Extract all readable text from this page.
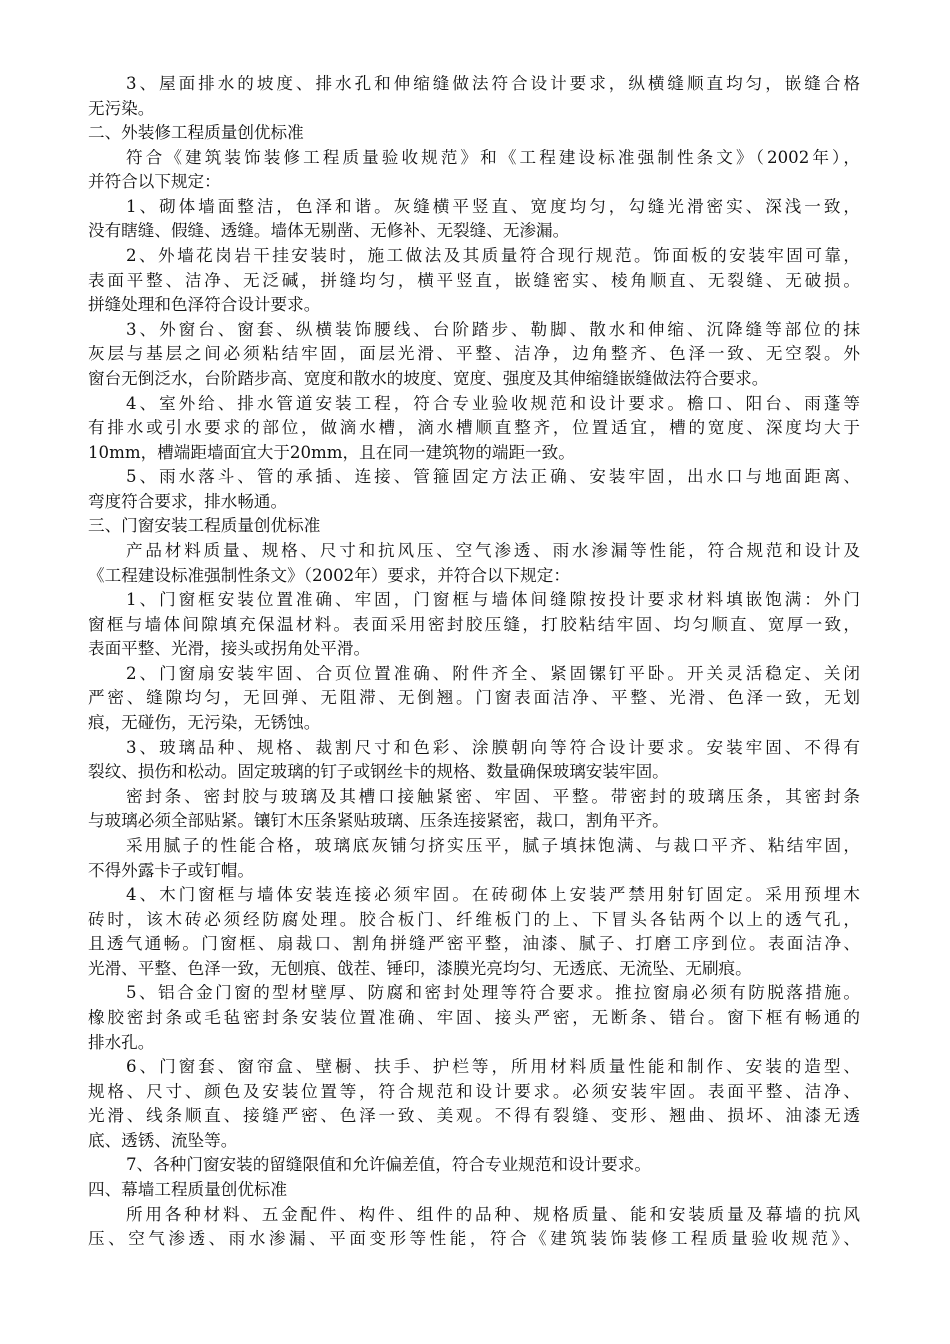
3、屋面排水的坡度、排水孔和伸缩缝做法符合设计要求，纵横缝顺直均匀，嵌缝合格
无污染。
二、外装修工程质量创优标准
符合《建筑装饰装修工程质量验收规范》和《工程建设标准强制性条文》（2002年），
并符合以下规定：
1、砌体墙面整洁，色泽和谐。灰缝横平竖直、宽度均匀，勾缝光滑密实、深浅一致，
没有瞎缝、假缝、透缝。墙体无剔凿、无修补、无裂缝、无渗漏。
2、外墙花岗岩干挂安装时，施工做法及其质量符合现行规范。饰面板的安装牢固可靠，
表面平整、洁净、无泛碱，拼缝均匀，横平竖直，嵌缝密实、棱角顺直、无裂缝、无破损。
拼缝处理和色泽符合设计要求。
3、外窗台、窗套、纵横装饰腰线、台阶踏步、勒脚、散水和伸缩、沉降缝等部位的抹
灰层与基层之间必须粘结牢固，面层光滑、平整、洁净，边角整齐、色泽一致、无空裂。外
窗台无倒泛水，台阶踏步高、宽度和散水的坡度、宽度、强度及其伸缩缝嵌缝做法符合要求。
4、室外给、排水管道安装工程，符合专业验收规范和设计要求。檐口、阳台、雨蓬等
有排水或引水要求的部位，做滴水槽，滴水槽顺直整齐，位置适宜，槽的宽度、深度均大于
10mm，槽端距墙面宜大于20mm，且在同一建筑物的端距一致。
5、雨水落斗、管的承插、连接、管箍固定方法正确、安装牢固，出水口与地面距离、
弯度符合要求，排水畅通。
三、门窗安装工程质量创优标准
产品材料质量、规格、尺寸和抗风压、空气渗透、雨水渗漏等性能，符合规范和设计及
《工程建设标准强制性条文》（2002年）要求，并符合以下规定：
1、门窗框安装位置准确、牢固，门窗框与墙体间缝隙按投计要求材料填嵌饱满：外门
窗框与墙体间隙填充保温材料。表面采用密封胶压缝，打胶粘结牢固、均匀顺直、宽厚一致，
表面平整、光滑，接头或拐角处平滑。
2、门窗扇安装牢固、合页位置准确、附件齐全、紧固镙钉平卧。开关灵活稳定、关闭
严密、缝隙均匀，无回弹、无阻滞、无倒翘。门窗表面洁净、平整、光滑、色泽一致，无划
痕，无碰伤，无污染，无锈蚀。
3、玻璃品种、规格、裁割尺寸和色彩、涂膜朝向等符合设计要求。安装牢固、不得有
裂纹、损伤和松动。固定玻璃的钉子或钢丝卡的规格、数量确保玻璃安装牢固。
密封条、密封胶与玻璃及其槽口接触紧密、牢固、平整。带密封的玻璃压条，其密封条
与玻璃必须全部贴紧。镶钉木压条紧贴玻璃、压条连接紧密，裁口，割角平齐。
采用腻子的性能合格，玻璃底灰铺匀挤实压平，腻子填抹饱满、与裁口平齐、粘结牢固，
不得外露卡子或钉帽。
4、木门窗框与墙体安装连接必须牢固。在砖砌体上安装严禁用射钉固定。采用预埋木
砖时，该木砖必须经防腐处理。胶合板门、纤维板门的上、下冒头各钻两个以上的透气孔，
且透气通畅。门窗框、扇裁口、割角拼缝严密平整，油漆、腻子、打磨工序到位。表面洁净、
光滑、平整、色泽一致，无刨痕、戗茬、锤印，漆膜光亮均匀、无透底、无流坠、无刷痕。
5、铝合金门窗的型材壁厚、防腐和密封处理等符合要求。推拉窗扇必须有防脱落措施。
橡胶密封条或毛毡密封条安装位置准确、牢固、接头严密，无断条、错台。窗下框有畅通的
排水孔。
6、门窗套、窗帘盒、壁橱、扶手、护栏等，所用材料质量性能和制作、安装的造型、
规格、尺寸、颜色及安装位置等，符合规范和设计要求。必须安装牢固。表面平整、洁净、
光滑、线条顺直、接缝严密、色泽一致、美观。不得有裂缝、变形、翘曲、损坏、油漆无透
底、透锈、流坠等。
7、各种门窗安装的留缝限值和允许偏差值，符合专业规范和设计要求。
四、幕墙工程质量创优标准
所用各种材料、五金配件、构件、组件的品种、规格质量、能和安装质量及幕墙的抗风
压、空气渗透、雨水渗漏、平面变形等性能，符合《建筑装饰装修工程质量验收规范》、
